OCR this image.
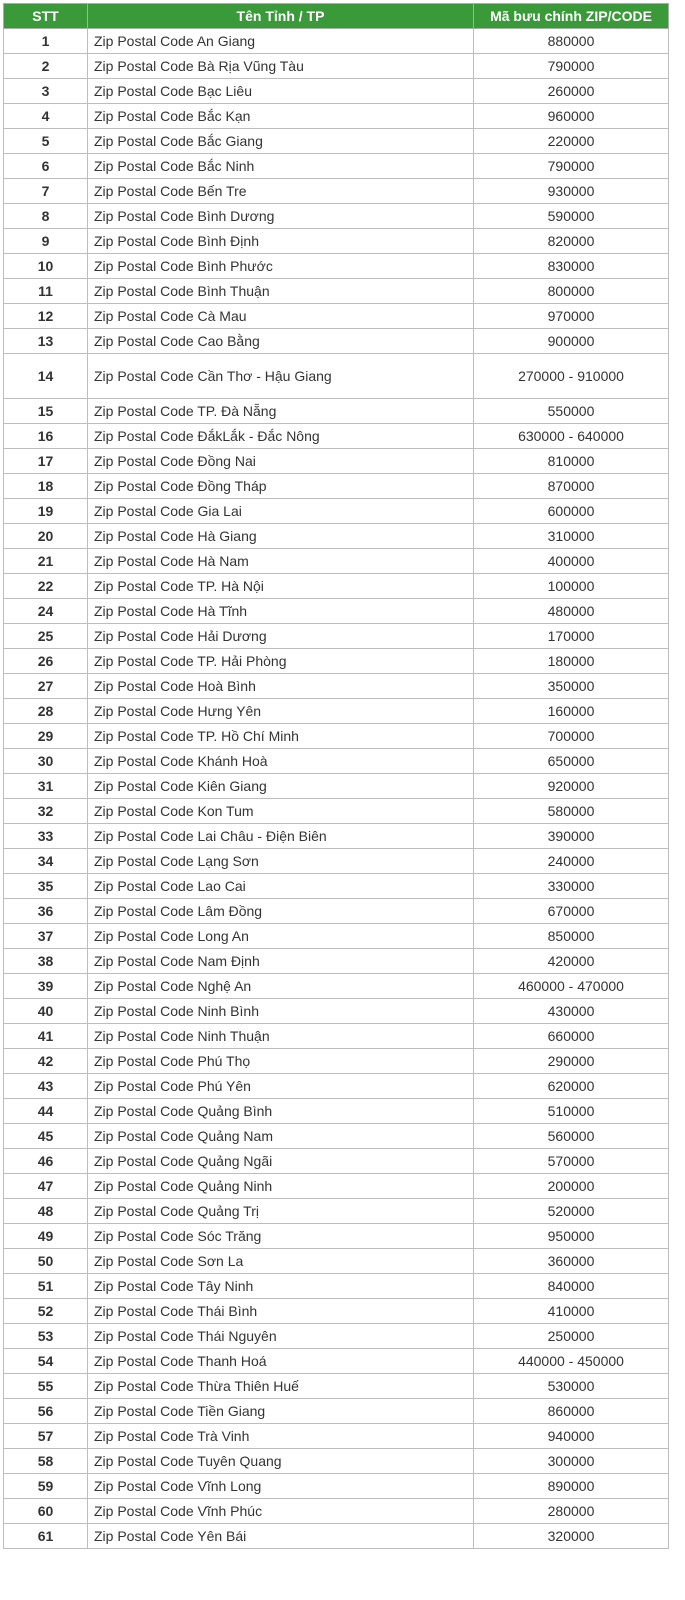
STT	Tên Tỉnh / TP	Mã bưu chính ZIP/CODE
1	Zip Postal Code An Giang	880000
2	Zip Postal Code Bà Rịa Vũng Tàu	790000
3	Zip Postal Code Bạc Liêu	260000
4	Zip Postal Code Bắc Kạn	960000
5	Zip Postal Code Bắc Giang	220000
6	Zip Postal Code Bắc Ninh	790000
7	Zip Postal Code Bến Tre	930000
8	Zip Postal Code Bình Dương	590000
9	Zip Postal Code Bình Định	820000
10	Zip Postal Code Bình Phước	830000
11	Zip Postal Code Bình Thuận	800000
12	Zip Postal Code Cà Mau	970000
13	Zip Postal Code Cao Bằng	900000
14	Zip Postal Code Cần Thơ - Hậu Giang	270000 - 910000
15	Zip Postal Code TP. Đà Nẵng	550000
16	Zip Postal Code ĐắkLắk - Đắc Nông	630000 - 640000
17	Zip Postal Code Đồng Nai	810000
18	Zip Postal Code Đồng Tháp	870000
19	Zip Postal Code Gia Lai	600000
20	Zip Postal Code Hà Giang	310000
21	Zip Postal Code Hà Nam	400000
22	Zip Postal Code TP. Hà Nội	100000
24	Zip Postal Code Hà Tĩnh	480000
25	Zip Postal Code Hải Dương	170000
26	Zip Postal Code TP. Hải Phòng	180000
27	Zip Postal Code Hoà Bình	350000
28	Zip Postal Code Hưng Yên	160000
29	Zip Postal Code TP. Hồ Chí Minh	700000
30	Zip Postal Code Khánh Hoà	650000
31	Zip Postal Code Kiên Giang	920000
32	Zip Postal Code Kon Tum	580000
33	Zip Postal Code Lai Châu - Điện Biên	390000
34	Zip Postal Code Lạng Sơn	240000
35	Zip Postal Code Lao Cai	330000
36	Zip Postal Code Lâm Đồng	670000
37	Zip Postal Code Long An	850000
38	Zip Postal Code Nam Định	420000
39	Zip Postal Code Nghệ An	460000 - 470000
40	Zip Postal Code Ninh Bình	430000
41	Zip Postal Code Ninh Thuận	660000
42	Zip Postal Code Phú Thọ	290000
43	Zip Postal Code Phú Yên	620000
44	Zip Postal Code Quảng Bình	510000
45	Zip Postal Code Quảng Nam	560000
46	Zip Postal Code Quảng Ngãi	570000
47	Zip Postal Code Quảng Ninh	200000
48	Zip Postal Code Quảng Trị	520000
49	Zip Postal Code Sóc Trăng	950000
50	Zip Postal Code Sơn La	360000
51	Zip Postal Code Tây Ninh	840000
52	Zip Postal Code Thái Bình	410000
53	Zip Postal Code Thái Nguyên	250000
54	Zip Postal Code Thanh Hoá	440000 - 450000
55	Zip Postal Code Thừa Thiên Huế	530000
56	Zip Postal Code Tiền Giang	860000
57	Zip Postal Code Trà Vinh	940000
58	Zip Postal Code Tuyên Quang	300000
59	Zip Postal Code Vĩnh Long	890000
60	Zip Postal Code Vĩnh Phúc	280000
61	Zip Postal Code Yên Bái	320000
